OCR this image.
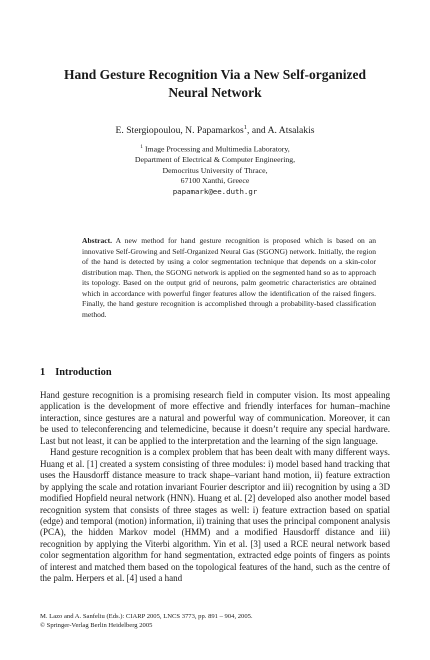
Hand Gesture Recognition Via a New Self-organized
Neural Network
E. Stergiopoulou, N. Papamarkos$^1$, and A. Atsalakis
$^1$ Image Processing and Multimedia Laboratory,
Department of Electrical & Computer Engineering,
Democritus University of Thrace,
67100 Xanthi, Greece
papamark@ee.duth.gr
Abstract. A new method for hand gesture recognition is proposed which is based on an innovative Self-Growing and Self-Organized Neural Gas (SGONG) network. Initially, the region of the hand is detected by using a color segmentation technique that depends on a skin-color distribution map. Then, the SGONG network is applied on the segmented hand so as to approach its topology. Based on the output grid of neurons, palm geometric characteristics are obtained which in accordance with powerful finger features allow the identification of the raised fingers. Finally, the hand gesture recognition is accomplished through a probability-based classification method.
1 Introduction

Hand gesture recognition is a promising research field in computer vision. Its most appealing application is the development of more effective and friendly interfaces for human–machine interaction, since gestures are a natural and powerful way of communication. Moreover, it can be used to teleconferencing and telemedicine, because it doesn’t require any special hardware. Last but not least, it can be applied to the interpretation and the learning of the sign language.

Hand gesture recognition is a complex problem that has been dealt with many different ways. Huang et al. [1] created a system consisting of three modules: i) model based hand tracking that uses the Hausdorff distance measure to track shape–variant hand motion, ii) feature extraction by applying the scale and rotation invariant Fourier descriptor and iii) recognition by using a 3D modified Hopfield neural network (HNN). Huang et al. [2] developed also another model based recognition system that consists of three stages as well: i) feature extraction based on spatial (edge) and temporal (motion) information, ii) training that uses the principal component analysis (PCA), the hidden Markov model (HMM) and a modified Hausdorff distance and iii) recognition by applying the Viterbi algorithm. Yin et al. [3] used a RCE neural network based color segmentation algorithm for hand segmentation, extracted edge points of fingers as points of interest and matched them based on the topological features of the hand, such as the centre of the palm. Herpers et al. [4] used a hand

M. Lazo and A. Sanfeliu (Eds.): CIARP 2005, LNCS 3773, pp. 891 – 904, 2005.
© Springer-Verlag Berlin Heidelberg 2005
